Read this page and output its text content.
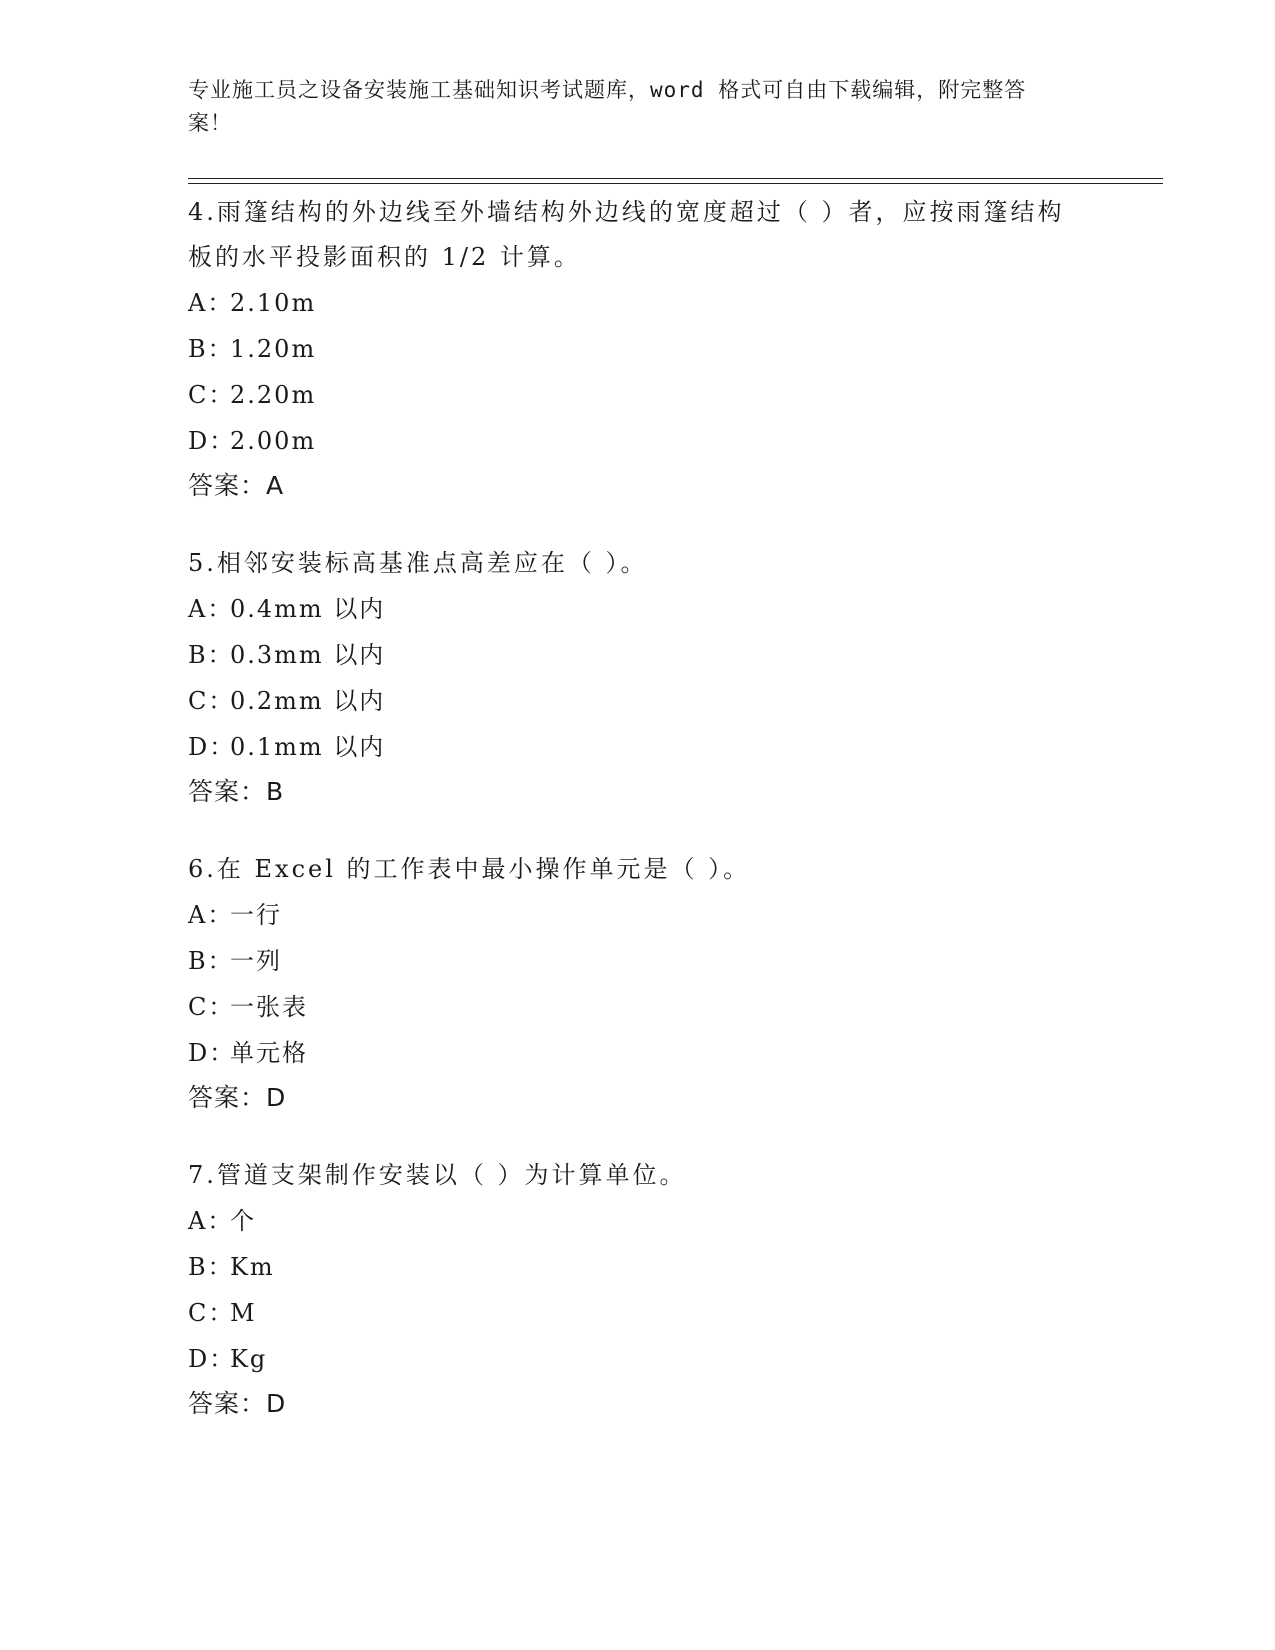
专业施工员之设备安装施工基础知识考试题库，word 格式可自由下载编辑，附完整答案！
4.雨篷结构的外边线至外墙结构外边线的宽度超过（ ）者，应按雨篷结构板的水平投影面积的 1/2 计算。
A：2.10m
B：1.20m
C：2.20m
D：2.00m
答案：A
5.相邻安装标高基准点高差应在（ ）。
A：0.4mm 以内
B：0.3mm 以内
C：0.2mm 以内
D：0.1mm 以内
答案：B
6.在 Excel 的工作表中最小操作单元是（ ）。
A：一行
B：一列
C：一张表
D：单元格
答案：D
7.管道支架制作安装以（ ）为计算单位。
A：个
B：Km
C：M
D：Kg
答案：D
